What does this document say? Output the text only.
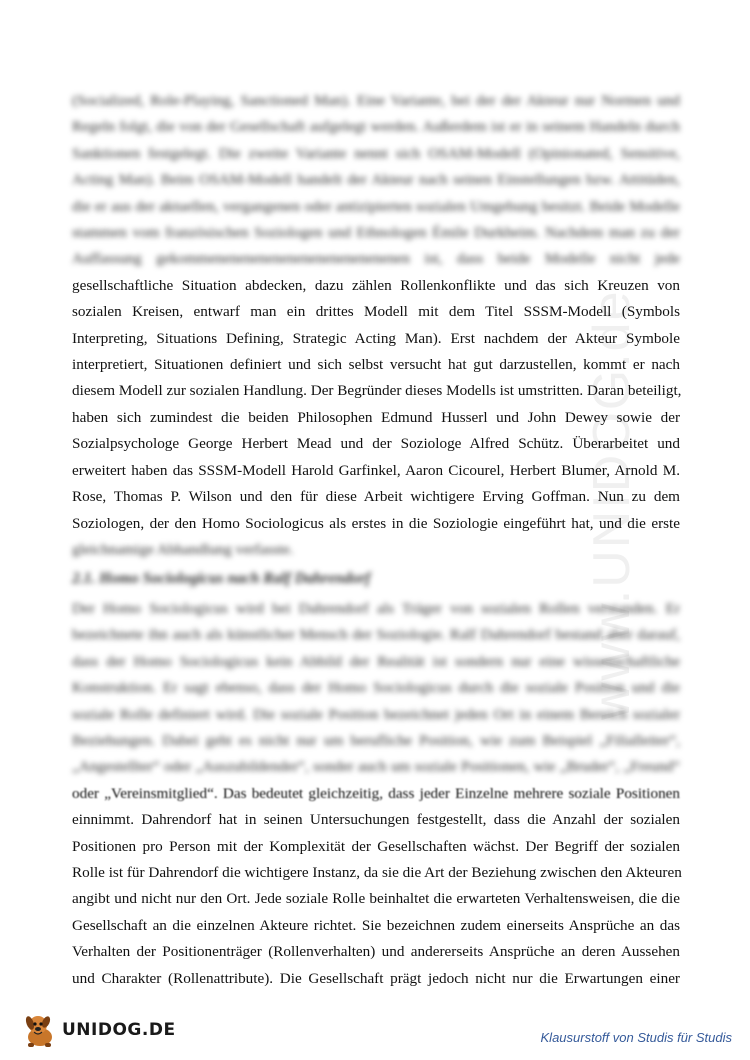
www.UNIDOG.de
(Socialized, Role-Playing, Sanctioned Man). Eine Variante, bei der der Akteur nur Normen und
Regeln folgt, die von der Gesellschaft aufgelegt werden. Außerdem ist er in seinem Handeln durch
Sanktionen festgelegt. Die zweite Variante nennt sich OSAM-Modell (Opinionated, Sensitive,
Acting Man). Beim OSAM-Modell handelt der Akteur nach seinen Einstellungen bzw. Attitüden,
die er aus der aktuellen, vergangenen oder antizipierten sozialen Umgebung besitzt. Beide Modelle
stammen vom französischen Soziologen und Ethnologen Émile Durkheim. Nachdem man zu der
Auffassung gekommenenenenenenenenenenenenenen ist, dass beide Modelle nicht jede
gesellschaftliche Situation abdecken, dazu zählen Rollenkonflikte und das sich Kreuzen von
sozialen Kreisen, entwarf man ein drittes Modell mit dem Titel SSSM-Modell (Symbols
Interpreting, Situations Defining, Strategic Acting Man). Erst nachdem der Akteur Symbole
interpretiert, Situationen definiert und sich selbst versucht hat gut darzustellen, kommt er nach
diesem Modell zur sozialen Handlung. Der Begründer dieses Modells ist umstritten. Daran beteiligt,
haben sich zumindest die beiden Philosophen Edmund Husserl und John Dewey sowie der
Sozialpsychologe George Herbert Mead und der Soziologe Alfred Schütz. Überarbeitet und
erweitert haben das SSSM-Modell Harold Garfinkel, Aaron Cicourel, Herbert Blumer, Arnold M.
Rose, Thomas P. Wilson und den für diese Arbeit wichtigere Erving Goffman. Nun zu dem
Soziologen, der den Homo Sociologicus als erstes in die Soziologie eingeführt hat, und die erste
gleichnamige Abhandlung verfasste.
2.1. Homo Sociologicus nach Ralf Dahrendorf
Der Homo Sociologicus wird bei Dahrendorf als Träger von sozialen Rollen verstanden. Er
bezeichnete ihn auch als künstlicher Mensch der Soziologie. Ralf Dahrendorf bestand aber darauf,
dass der Homo Sociologicus kein Abbild der Realität ist sondern nur eine wissenschaftliche
Konstruktion. Er sagt ebenso, dass der Homo Sociologicus durch die soziale Position und die
soziale Rolle definiert wird. Die soziale Position bezeichnet jeden Ort in einem Bereich sozialer
Beziehungen. Dabei geht es nicht nur um berufliche Position, wie zum Beispiel „Filialleiter“,
„Angestellter“ oder „Auszubildender“, sonder auch um soziale Positionen, wie „Bruder“, „Freund“
oder „Vereinsmitglied“. Das bedeutet gleichzeitig, dass jeder Einzelne mehrere soziale Positionen
einnimmt. Dahrendorf hat in seinen Untersuchungen festgestellt, dass die Anzahl der sozialen
Positionen pro Person mit der Komplexität der Gesellschaften wächst. Der Begriff der sozialen
Rolle ist für Dahrendorf die wichtigere Instanz, da sie die Art der Beziehung zwischen den Akteuren
angibt und nicht nur den Ort. Jede soziale Rolle beinhaltet die erwarteten Verhaltensweisen, die die
Gesellschaft an die einzelnen Akteure richtet. Sie bezeichnen zudem einerseits Ansprüche an das
Verhalten der Positionenträger (Rollenverhalten) und andererseits Ansprüche an deren Aussehen
und Charakter (Rollenattribute). Die Gesellschaft prägt jedoch nicht nur die Erwartungen einer
UNIDOG.DE	Klausurstoff von Studis für Studis
